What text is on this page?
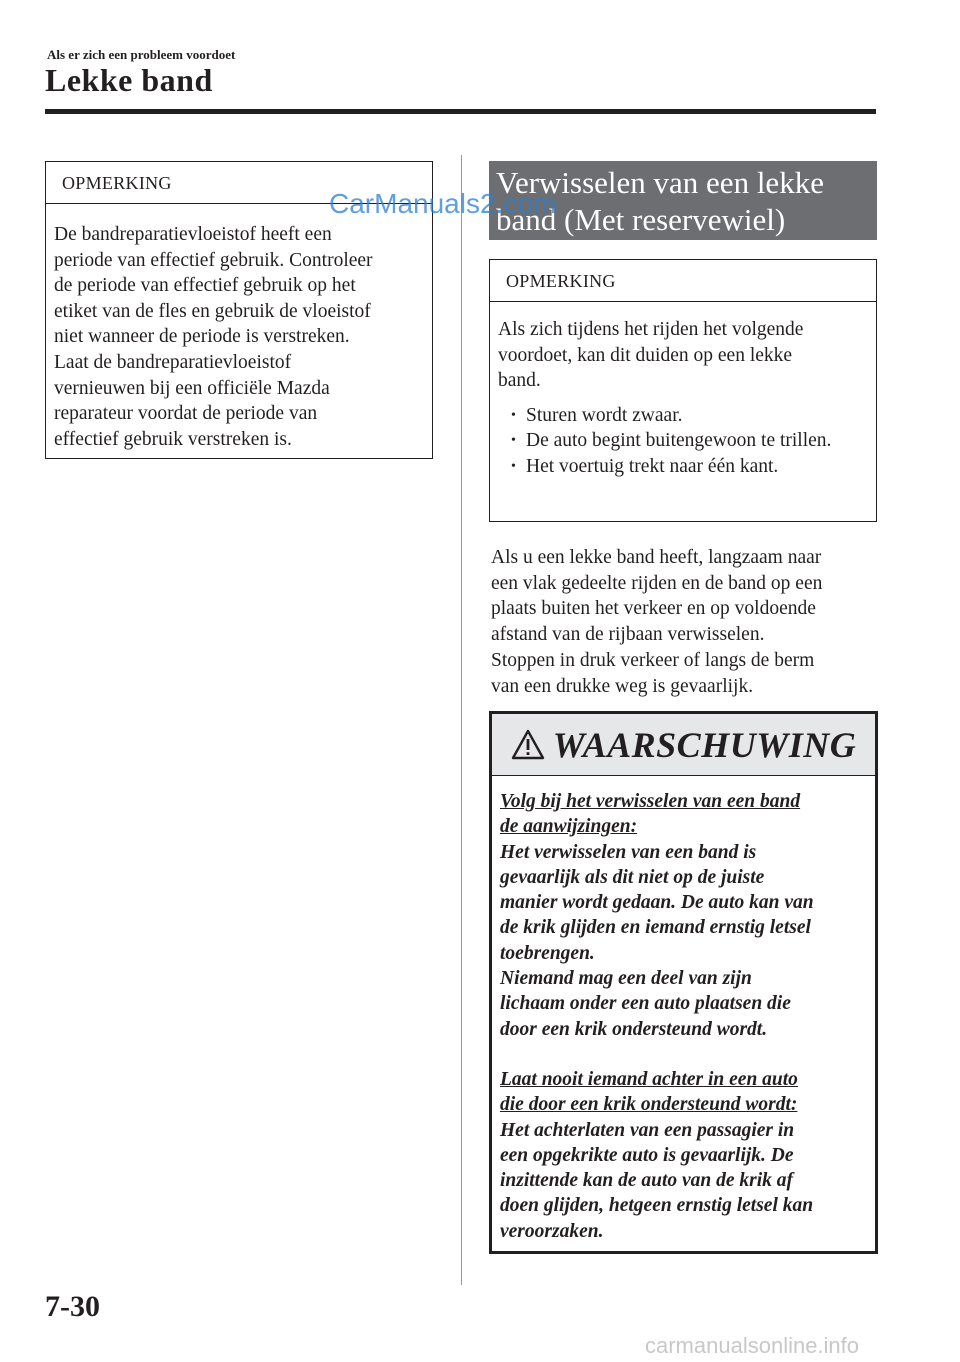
Als er zich een probleem voordoet
Lekke band
OPMERKING

De bandreparatievloeistof heeft een

periode van effectief gebruik. Controleer

de periode van effectief gebruik op het

etiket van de fles en gebruik de vloeistof

niet wanneer de periode is verstreken.

Laat de bandreparatievloeistof

vernieuwen bij een officiële Mazda

reparateur voordat de periode van

effectief gebruik verstreken is.

Verwisselen van een lekke
band (Met reservewiel)
OPMERKING

Als zich tijdens het rijden het volgende

voordoet, kan dit duiden op een lekke

band.

• Sturen wordt zwaar.
• De auto begint buitengewoon te trillen.
• Het voertuig trekt naar één kant.
Als u een lekke band heeft, langzaam naar
een vlak gedeelte rijden en de band op een
plaats buiten het verkeer en op voldoende
afstand van de rijbaan verwisselen.
Stoppen in druk verkeer of langs de berm
van een drukke weg is gevaarlijk.
WAARSCHUWING

Volg bij het verwisselen van een band

de aanwijzingen:

Het verwisselen van een band is

gevaarlijk als dit niet op de juiste

manier wordt gedaan. De auto kan van

de krik glijden en iemand ernstig letsel

toebrengen.

Niemand mag een deel van zijn

lichaam onder een auto plaatsen die

door een krik ondersteund wordt.

Laat nooit iemand achter in een auto

die door een krik ondersteund wordt:

Het achterlaten van een passagier in

een opgekrikte auto is gevaarlijk. De

inzittende kan de auto van de krik af

doen glijden, hetgeen ernstig letsel kan

veroorzaken.

7-30
CarManuals2.com
carmanualsonline.info
